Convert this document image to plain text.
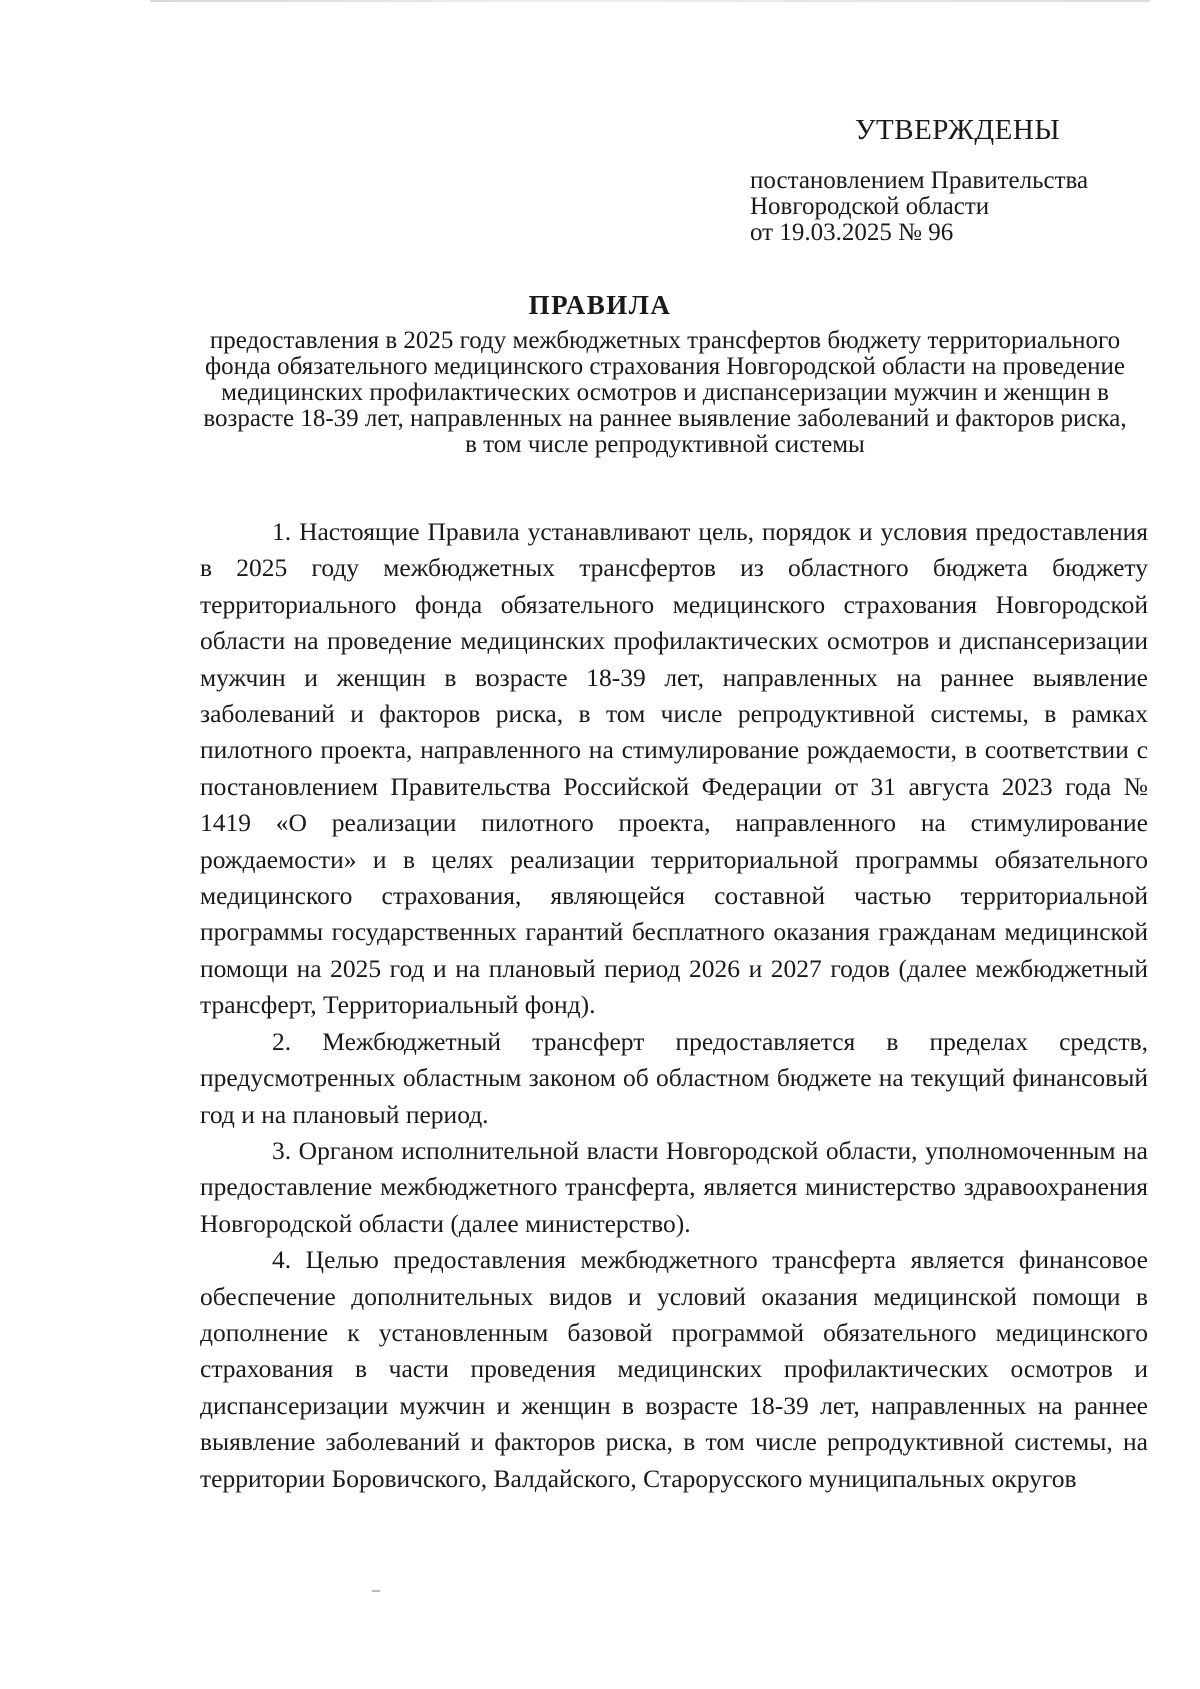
УТВЕРЖДЕНЫ
постановлением Правительства
Новгородской области
от 19.03.2025 № 96
ПРАВИЛА

предоставления в 2025 году межбюджетных трансфертов бюджету территориального фонда обязательного медицинского страхования Новгородской области на проведение медицинских профилактических осмотров и диспансеризации мужчин и женщин в возрасте 18-39 лет, направленных на раннее выявление заболеваний и факторов риска, в том числе репродуктивной системы

1. Настоящие Правила устанавливают цель, порядок и условия предоставления в 2025 году межбюджетных трансфертов из областного бюджета бюджету территориального фонда обязательного медицинского страхования Новгородской области на проведение медицинских профилактических осмотров и диспансеризации мужчин и женщин в возрасте 18-39 лет, направленных на раннее выявление заболеваний и факторов риска, в том числе репродуктивной системы, в рамках пилотного проекта, направленного на стимулирование рождаемости, в соответствии с постановлением Правительства Российской Федерации от 31 августа 2023 года № 1419 «О реализации пилотного проекта, направленного на стимулирование рождаемости» и в целях реализации территориальной программы обязательного медицинского страхования, являющейся составной частью территориальной программы государственных гарантий бесплатного оказания гражданам медицинской помощи на 2025 год и на плановый период 2026 и 2027 годов (далее межбюджетный трансферт, Территориальный фонд).

2. Межбюджетный трансферт предоставляется в пределах средств, предусмотренных областным законом об областном бюджете на текущий финансовый год и на плановый период.

3. Органом исполнительной власти Новгородской области, уполномоченным на предоставление межбюджетного трансферта, является министерство здравоохранения Новгородской области (далее министерство).

4. Целью предоставления межбюджетного трансферта является финансовое обеспечение дополнительных видов и условий оказания медицинской помощи в дополнение к установленным базовой программой обязательного медицинского страхования в части проведения медицинских профилактических осмотров и диспансеризации мужчин и женщин в возрасте 18-39 лет, направленных на раннее выявление заболеваний и факторов риска, в том числе репродуктивной системы, на территории Боровичского, Валдайского, Старорусского муниципальных округов
